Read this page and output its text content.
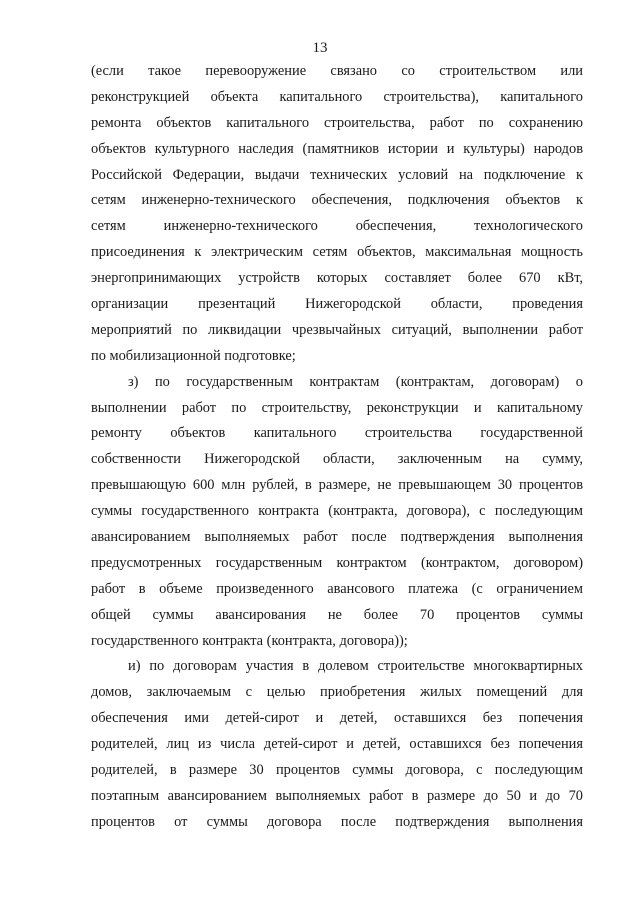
13
(если такое перевооружение связано со строительством или
реконструкцией объекта капитального строительства), капитального
ремонта объектов капитального строительства, работ по сохранению
объектов культурного наследия (памятников истории и культуры) народов
Российской Федерации, выдачи технических условий на подключение к
сетям инженерно-технического обеспечения, подключения объектов к
сетям инженерно-технического обеспечения, технологического
присоединения к электрическим сетям объектов, максимальная мощность
энергопринимающих устройств которых составляет более 670 кВт,
организации презентаций Нижегородской области, проведения
мероприятий по ликвидации чрезвычайных ситуаций, выполнении работ
по мобилизационной подготовке;
з) по государственным контрактам (контрактам, договорам) о
выполнении работ по строительству, реконструкции и капитальному
ремонту объектов капитального строительства государственной
собственности Нижегородской области, заключенным на сумму,
превышающую 600 млн рублей, в размере, не превышающем 30 процентов
суммы государственного контракта (контракта, договора), с последующим
авансированием выполняемых работ после подтверждения выполнения
предусмотренных государственным контрактом (контрактом, договором)
работ в объеме произведенного авансового платежа (с ограничением
общей суммы авансирования не более 70 процентов суммы
государственного контракта (контракта, договора));
и) по договорам участия в долевом строительстве многоквартирных
домов, заключаемым с целью приобретения жилых помещений для
обеспечения ими детей-сирот и детей, оставшихся без попечения
родителей, лиц из числа детей-сирот и детей, оставшихся без попечения
родителей, в размере 30 процентов суммы договора, с последующим
поэтапным авансированием выполняемых работ в размере до 50 и до 70
процентов от суммы договора после подтверждения выполнения
